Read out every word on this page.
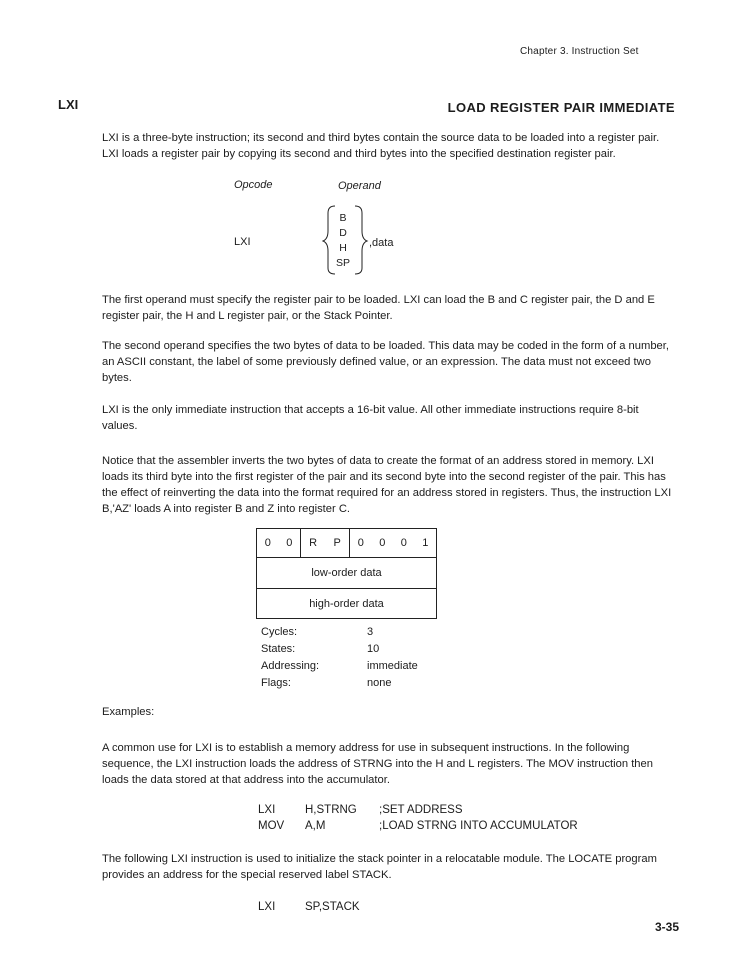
Chapter 3. Instruction Set
LXI	LOAD REGISTER PAIR IMMEDIATE
LXI is a three-byte instruction; its second and third bytes contain the source data to be loaded into a register pair. LXI loads a register pair by copying its second and third bytes into the specified destination register pair.
Opcode	Operand
LXI
B
D
H
SP
,data
The first operand must specify the register pair to be loaded. LXI can load the B and C register pair, the D and E register pair, the H and L register pair, or the Stack Pointer.
The second operand specifies the two bytes of data to be loaded. This data may be coded in the form of a number, an ASCII constant, the label of some previously defined value, or an expression. The data must not exceed two bytes.
LXI is the only immediate instruction that accepts a 16-bit value. All other immediate instructions require 8-bit values.
Notice that the assembler inverts the two bytes of data to create the format of an address stored in memory. LXI loads its third byte into the first register of the pair and its second byte into the second register of the pair. This has the effect of reinverting the data into the format required for an address stored in registers. Thus, the instruction LXI B,'AZ' loads A into register B and Z into register C.
0 0 R P 0 0 0 1
low-order data
high-order data
Cycles:	3
States:	10
Addressing:	immediate
Flags:	none
Examples:
A common use for LXI is to establish a memory address for use in subsequent instructions. In the following sequence, the LXI instruction loads the address of STRNG into the H and L registers. The MOV instruction then loads the data stored at that address into the accumulator.
LXI	H,STRNG	;SET ADDRESS
MOV	A,M	;LOAD STRNG INTO ACCUMULATOR
The following LXI instruction is used to initialize the stack pointer in a relocatable module. The LOCATE program provides an address for the special reserved label STACK.
LXI	SP,STACK
3-35
